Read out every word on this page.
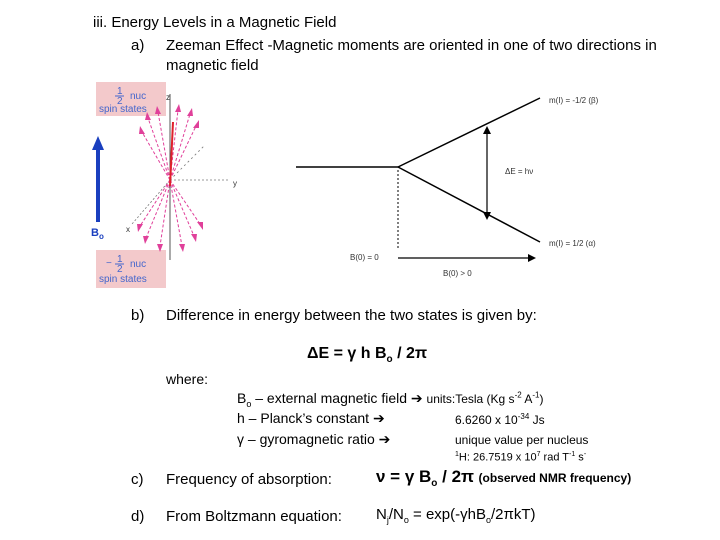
iii. Energy Levels in a Magnetic Field
a) Zeeman Effect -Magnetic moments are oriented in one of two directions in
magnetic field
1
2 nuc
spin states
− 1
2 nuc
spin states
B o
z
y
x
m(I) = -1/2 (β)
m(I) = 1/2 (α)
ΔE = hν
B(0) = 0
B(0) > 0
b) Difference in energy between the two states is given by:
ΔE = γ h $B_o / 2\pi$
where:
$B_o$ – external magnetic field ➔ units:Tesla (Kg $s^{-2}$ $A^{-1}$)
h – Planck’s constant ➔	6.6260 x $10^{-34}$ Js
γ – gyromagnetic ratio ➔	unique value per nucleus
$^1$H: 26.7519 x $10^7$ rad $T^{-1}$ s-
c) Frequency of absorption:	ν = γ $B_o / 2\pi$ (observed NMR frequency)
d) From Boltzmann equation: $N_j/N_o = \exp(-\gamma hB_o/2\pi kT)$
